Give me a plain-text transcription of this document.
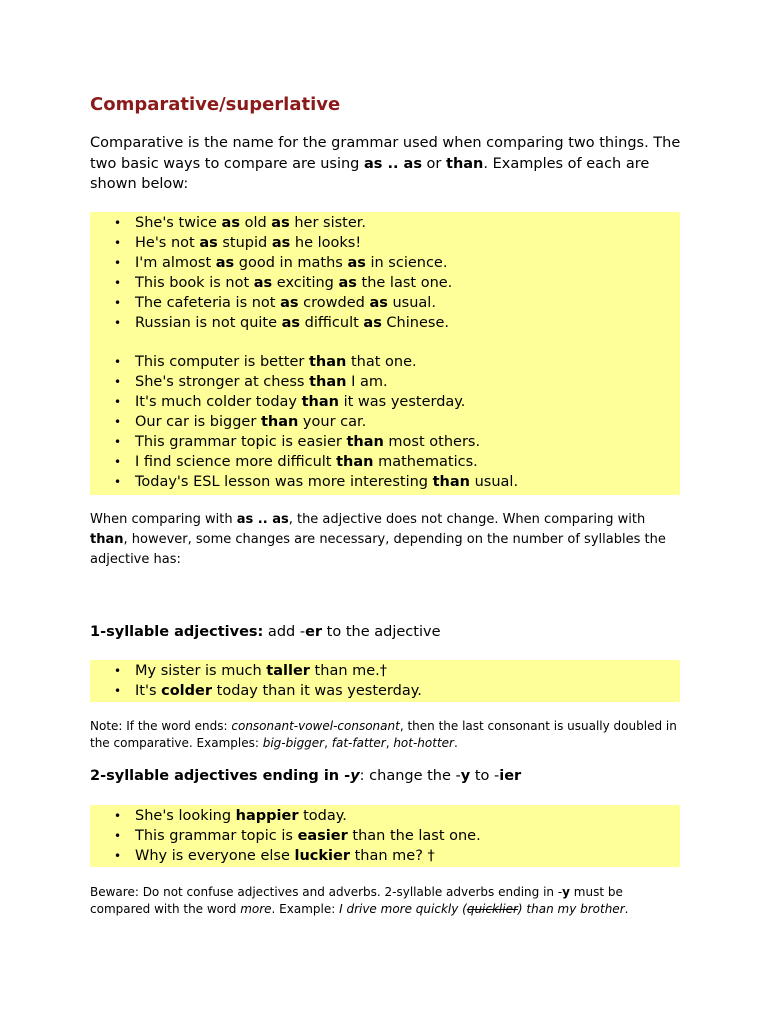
Comparative/superlative

Comparative is the name for the grammar used when comparing two things. The two basic ways to compare are using as .. as or than. Examples of each are shown below:

• She's twice as old as her sister.
• He's not as stupid as he looks!
• I'm almost as good in maths as in science.
• This book is not as exciting as the last one.
• The cafeteria is not as crowded as usual.
• Russian is not quite as difficult as Chinese.
• This computer is better than that one.
• She's stronger at chess than I am.
• It's much colder today than it was yesterday.
• Our car is bigger than your car.
• This grammar topic is easier than most others.
• I find science more difficult than mathematics.
• Today's ESL lesson was more interesting than usual.

When comparing with as .. as, the adjective does not change. When comparing with than, however, some changes are necessary, depending on the number of syllables the adjective has:

1-syllable adjectives: add -er to the adjective

• My sister is much taller than me.†
• It's colder today than it was yesterday.

Note: If the word ends: consonant-vowel-consonant, then the last consonant is usually doubled in the comparative. Examples: big-bigger, fat-fatter, hot-hotter.

2-syllable adjectives ending in -y: change the -y to -ier

• She's looking happier today.
• This grammar topic is easier than the last one.
• Why is everyone else luckier than me? †

Beware: Do not confuse adjectives and adverbs. 2-syllable adverbs ending in -y must be compared with the word more. Example: I drive more quickly (quicklier) than my brother.
